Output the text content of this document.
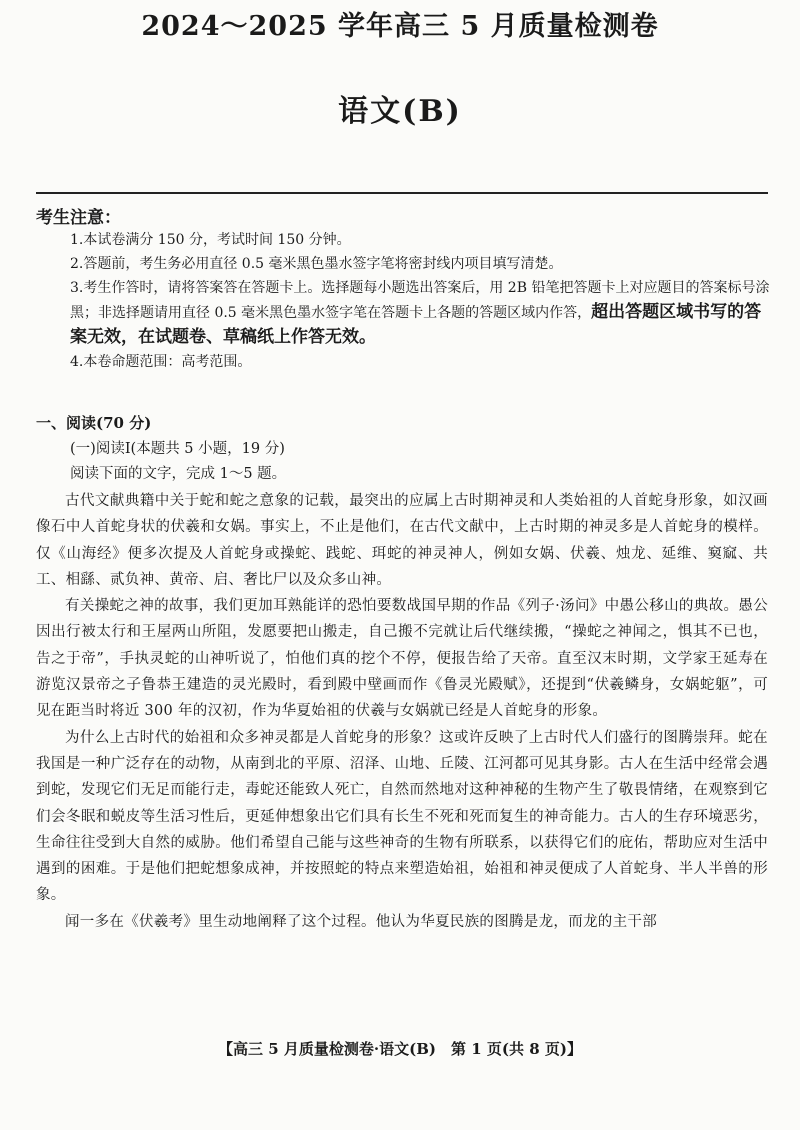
2024～2025 学年高三 5 月质量检测卷
语文(B)
考生注意：

1.本试卷满分 150 分，考试时间 150 分钟。

2.答题前，考生务必用直径 0.5 毫米黑色墨水签字笔将密封线内项目填写清楚。

3.考生作答时，请将答案答在答题卡上。选择题每小题选出答案后，用 2B 铅笔把答题卡上对应题目的答案标号涂黑；非选择题请用直径 0.5 毫米黑色墨水签字笔在答题卡上各题的答题区域内作答，超出答题区域书写的答案无效，在试题卷、草稿纸上作答无效。

4.本卷命题范围：高考范围。

一、阅读(70 分)
(一)阅读Ⅰ(本题共 5 小题，19 分)
阅读下面的文字，完成 1～5 题。

古代文献典籍中关于蛇和蛇之意象的记载，最突出的应属上古时期神灵和人类始祖的人首蛇身形象，如汉画像石中人首蛇身状的伏羲和女娲。事实上，不止是他们，在古代文献中，上古时期的神灵多是人首蛇身的模样。仅《山海经》便多次提及人首蛇身或操蛇、践蛇、珥蛇的神灵神人，例如女娲、伏羲、烛龙、延维、窫窳、共工、相繇、贰负神、黄帝、启、奢比尸以及众多山神。

有关操蛇之神的故事，我们更加耳熟能详的恐怕要数战国早期的作品《列子·汤问》中愚公移山的典故。愚公因出行被太行和王屋两山所阻，发愿要把山搬走，自己搬不完就让后代继续搬，“操蛇之神闻之，惧其不已也，告之于帝”，手执灵蛇的山神听说了，怕他们真的挖个不停，便报告给了天帝。直至汉末时期，文学家王延寿在游览汉景帝之子鲁恭王建造的灵光殿时，看到殿中壁画而作《鲁灵光殿赋》，还提到“伏羲鳞身，女娲蛇躯”，可见在距当时将近 300 年的汉初，作为华夏始祖的伏羲与女娲就已经是人首蛇身的形象。

为什么上古时代的始祖和众多神灵都是人首蛇身的形象？这或许反映了上古时代人们盛行的图腾崇拜。蛇在我国是一种广泛存在的动物，从南到北的平原、沼泽、山地、丘陵、江河都可见其身影。古人在生活中经常会遇到蛇，发现它们无足而能行走，毒蛇还能致人死亡，自然而然地对这种神秘的生物产生了敬畏情绪，在观察到它们会冬眠和蜕皮等生活习性后，更延伸想象出它们具有长生不死和死而复生的神奇能力。古人的生存环境恶劣，生命往往受到大自然的威胁。他们希望自己能与这些神奇的生物有所联系，以获得它们的庇佑，帮助应对生活中遇到的困难。于是他们把蛇想象成神，并按照蛇的特点来塑造始祖，始祖和神灵便成了人首蛇身、半人半兽的形象。

闻一多在《伏羲考》里生动地阐释了这个过程。他认为华夏民族的图腾是龙，而龙的主干部

【高三 5 月质量检测卷·语文(B)　第 1 页(共 8 页)】
